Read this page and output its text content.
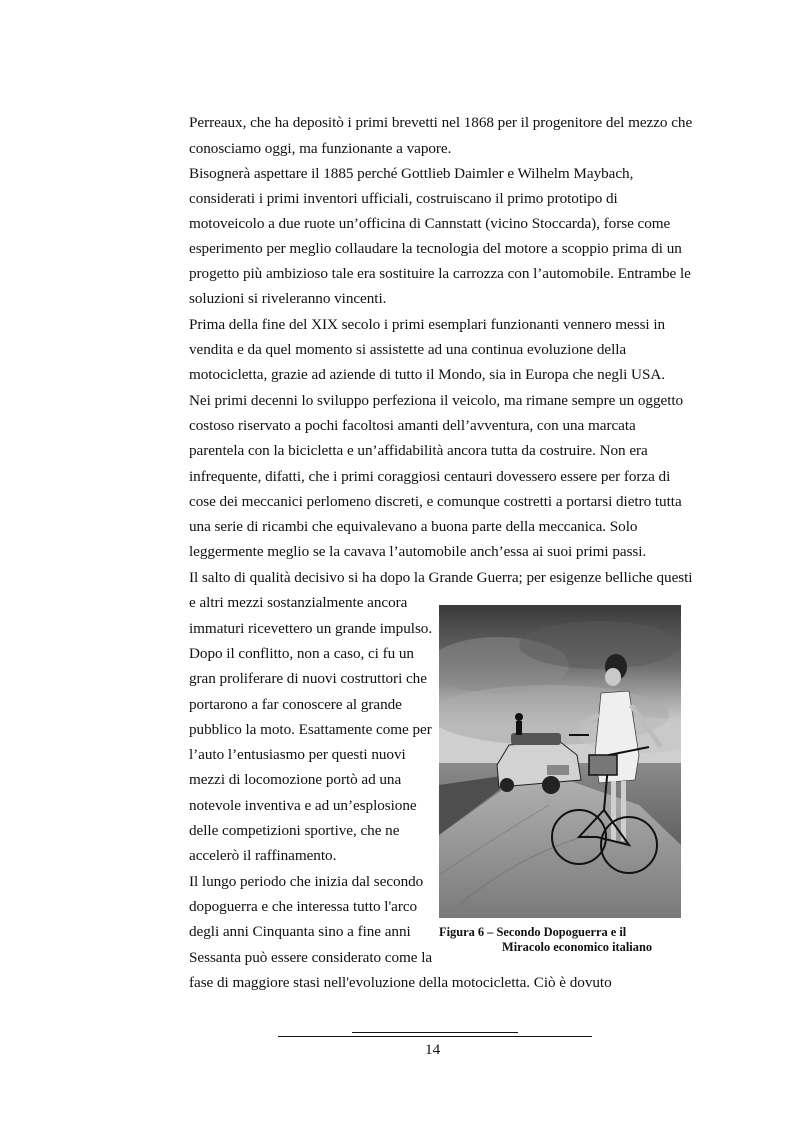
Perreaux, che ha depositò i primi brevetti nel 1868 per il progenitore del mezzo che
conosciamo oggi, ma funzionante a vapore.
Bisognerà aspettare il 1885 perché Gottlieb Daimler e Wilhelm Maybach,
considerati i primi inventori ufficiali, costruiscano il primo prototipo di
motoveicolo a due ruote un’officina di Cannstatt (vicino Stoccarda), forse come
esperimento per meglio collaudare la tecnologia del motore a scoppio prima di un
progetto più ambizioso tale era sostituire la carrozza con l’automobile. Entrambe le
soluzioni si riveleranno vincenti.
Prima della fine del XIX secolo i primi esemplari funzionanti vennero messi in
vendita e da quel momento si assistette ad una continua evoluzione della
motocicletta, grazie ad aziende di tutto il Mondo, sia in Europa che negli USA.
Nei primi decenni lo sviluppo perfeziona il veicolo, ma rimane sempre un oggetto
costoso riservato a pochi facoltosi amanti dell’avventura, con una marcata
parentela con la bicicletta e un’affidabilità ancora tutta da costruire. Non era
infrequente, difatti, che i primi coraggiosi centauri dovessero essere per forza di
cose dei meccanici perlomeno discreti, e comunque costretti a portarsi dietro tutta
una serie di ricambi che equivalevano a buona parte della meccanica. Solo
leggermente meglio se la cavava l’automobile anch’essa ai suoi primi passi.
Il salto di qualità decisivo si ha dopo la Grande Guerra; per esigenze belliche questi
e altri mezzi sostanzialmente ancora
immaturi ricevettero un grande impulso.
Dopo il conflitto, non a caso, ci fu un
gran proliferare di nuovi costruttori che
portarono a far conoscere al grande
pubblico la moto. Esattamente come per
l’auto l’entusiasmo per questi nuovi
mezzi di locomozione portò ad una
notevole inventiva e ad un’esplosione
delle competizioni sportive, che ne
accelerò il raffinamento.
Il lungo periodo che inizia dal secondo
dopoguerra e che interessa tutto l'arco
degli anni Cinquanta sino a fine anni
Sessanta può essere considerato come la
fase di maggiore stasi nell'evoluzione della motocicletta. Ciò è dovuto
Figura 6 – Secondo Dopoguerra e il
Miracolo economico italiano
14
